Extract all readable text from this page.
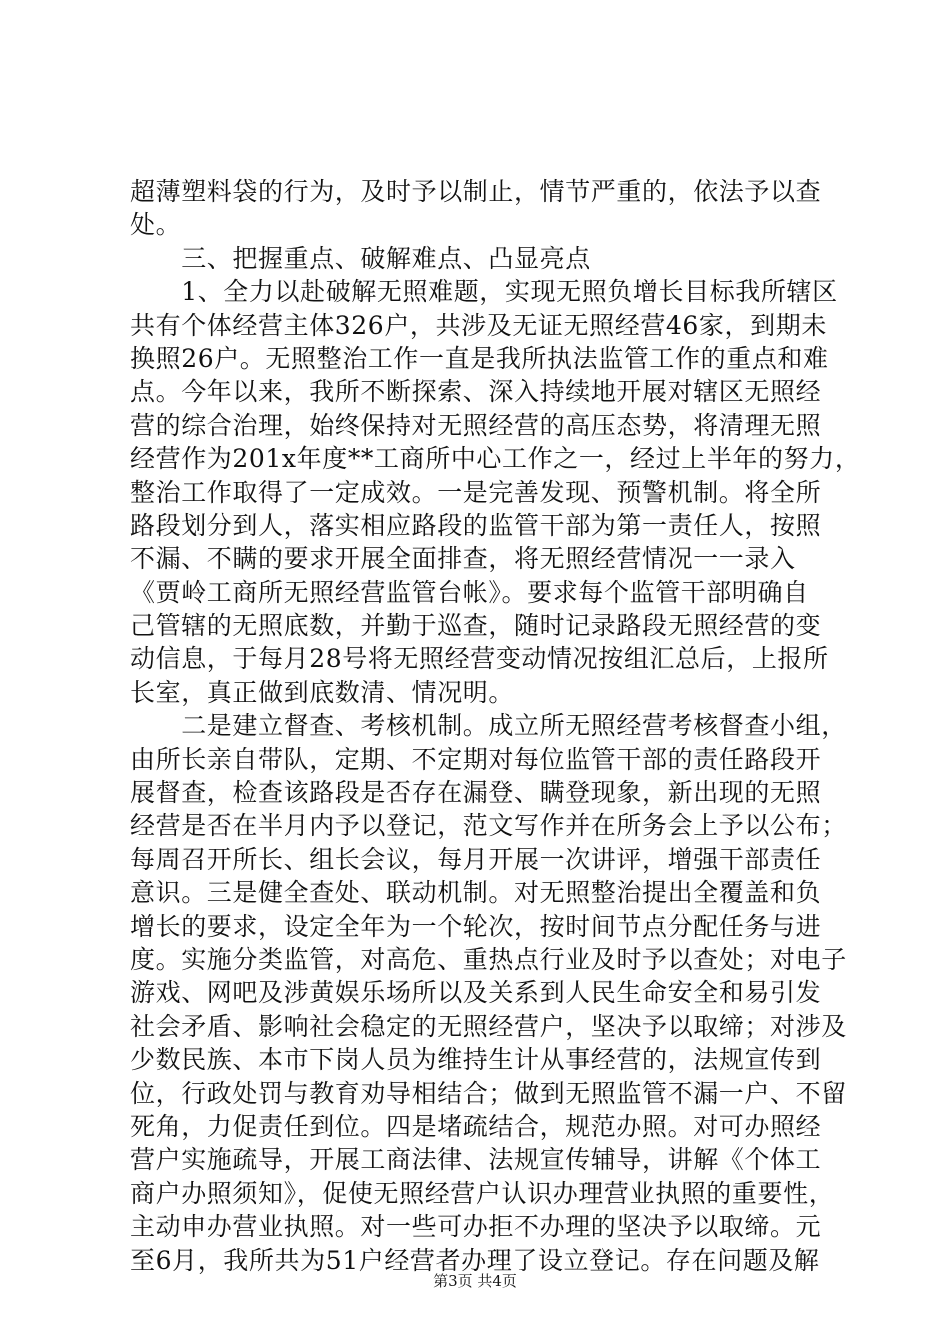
超薄塑料袋的行为，及时予以制止，情节严重的，依法予以查
处。
　　三、把握重点、破解难点、凸显亮点
　　1、全力以赴破解无照难题，实现无照负增长目标我所辖区
共有个体经营主体326户，共涉及无证无照经营46家，到期未
换照26户。无照整治工作一直是我所执法监管工作的重点和难
点。今年以来，我所不断探索、深入持续地开展对辖区无照经
营的综合治理，始终保持对无照经营的高压态势，将清理无照
经营作为201x年度**工商所中心工作之一，经过上半年的努力，
整治工作取得了一定成效。一是完善发现、预警机制。将全所
路段划分到人，落实相应路段的监管干部为第一责任人，按照
不漏、不瞒的要求开展全面排查，将无照经营情况一一录入
《贾岭工商所无照经营监管台帐》。要求每个监管干部明确自
己管辖的无照底数，并勤于巡查，随时记录路段无照经营的变
动信息，于每月28号将无照经营变动情况按组汇总后，上报所
长室，真正做到底数清、情况明。
　　二是建立督查、考核机制。成立所无照经营考核督查小组，
由所长亲自带队，定期、不定期对每位监管干部的责任路段开
展督查，检查该路段是否存在漏登、瞒登现象，新出现的无照
经营是否在半月内予以登记，范文写作并在所务会上予以公布；
每周召开所长、组长会议，每月开展一次讲评，增强干部责任
意识。三是健全查处、联动机制。对无照整治提出全覆盖和负
增长的要求，设定全年为一个轮次，按时间节点分配任务与进
度。实施分类监管，对高危、重热点行业及时予以查处；对电子
游戏、网吧及涉黄娱乐场所以及关系到人民生命安全和易引发
社会矛盾、影响社会稳定的无照经营户，坚决予以取缔；对涉及
少数民族、本市下岗人员为维持生计从事经营的，法规宣传到
位，行政处罚与教育劝导相结合；做到无照监管不漏一户、不留
死角，力促责任到位。四是堵疏结合，规范办照。对可办照经
营户实施疏导，开展工商法律、法规宣传辅导，讲解《个体工
商户办照须知》，促使无照经营户认识办理营业执照的重要性，
主动申办营业执照。对一些可办拒不办理的坚决予以取缔。元
至6月，我所共为51户经营者办理了设立登记。存在问题及解
第3页 共4页
